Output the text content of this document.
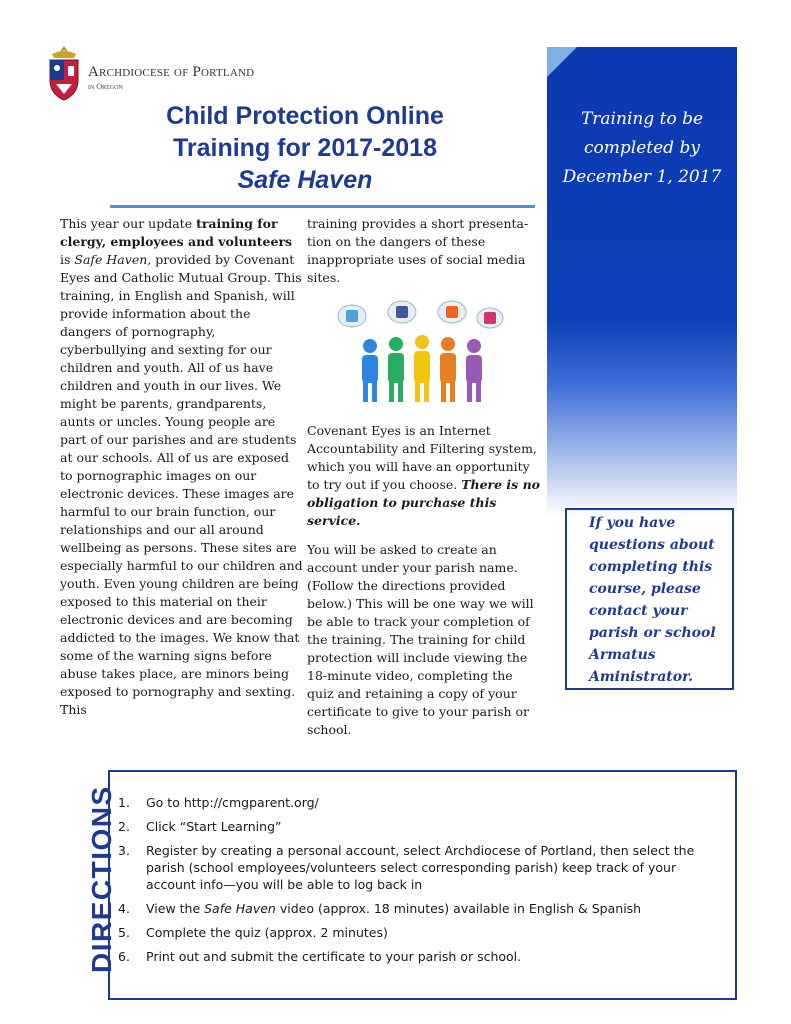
Archdiocese of Portland
in Oregon
Child Protection Online
Training for 2017-2018
Safe Haven

This year our update training for clergy, employees and volunteers is Safe Haven, provided by Covenant Eyes and Catholic Mutual Group. This training, in English and Spanish, will provide information about the dangers of pornography, cyberbullying and sexting for our children and youth. All of us have children and youth in our lives. We might be parents, grandparents, aunts or uncles. Young people are part of our parishes and are students at our schools. All of us are exposed to pornographic images on our electronic devices. These images are harmful to our brain function, our relationships and our all around wellbeing as persons. These sites are especially harmful to our children and youth. Even young children are being exposed to this material on their electronic devices and are becoming addicted to the images. We know that some of the warning signs before abuse takes place, are minors being exposed to pornography and sexting. This

training provides a short presenta-tion on the dangers of these inappropriate uses of social media sites.

Covenant Eyes is an Internet Accountability and Filtering system, which you will have an opportunity to try out if you choose. There is no obligation to purchase this service.

You will be asked to create an account under your parish name. (Follow the directions provided below.) This will be one way we will be able to track your completion of the training. The training for child protection will include viewing the 18-minute video, completing the quiz and retaining a copy of your certificate to give to your parish or school.

Training to be completed by December 1, 2017
If you have questions about completing this course, please contact your parish or school Armatus Aministrator.
DIRECTIONS 1. Go to http://cmgparent.org/
2. Click “Start Learning”
3. Register by creating a personal account, select Archdiocese of Portland, then select the parish (school employees/volunteers select corresponding parish) keep track of your account info—you will be able to log back in
4. View the Safe Haven video (approx. 18 minutes) available in English & Spanish
5. Complete the quiz (approx. 2 minutes)
6. Print out and submit the certificate to your parish or school.
